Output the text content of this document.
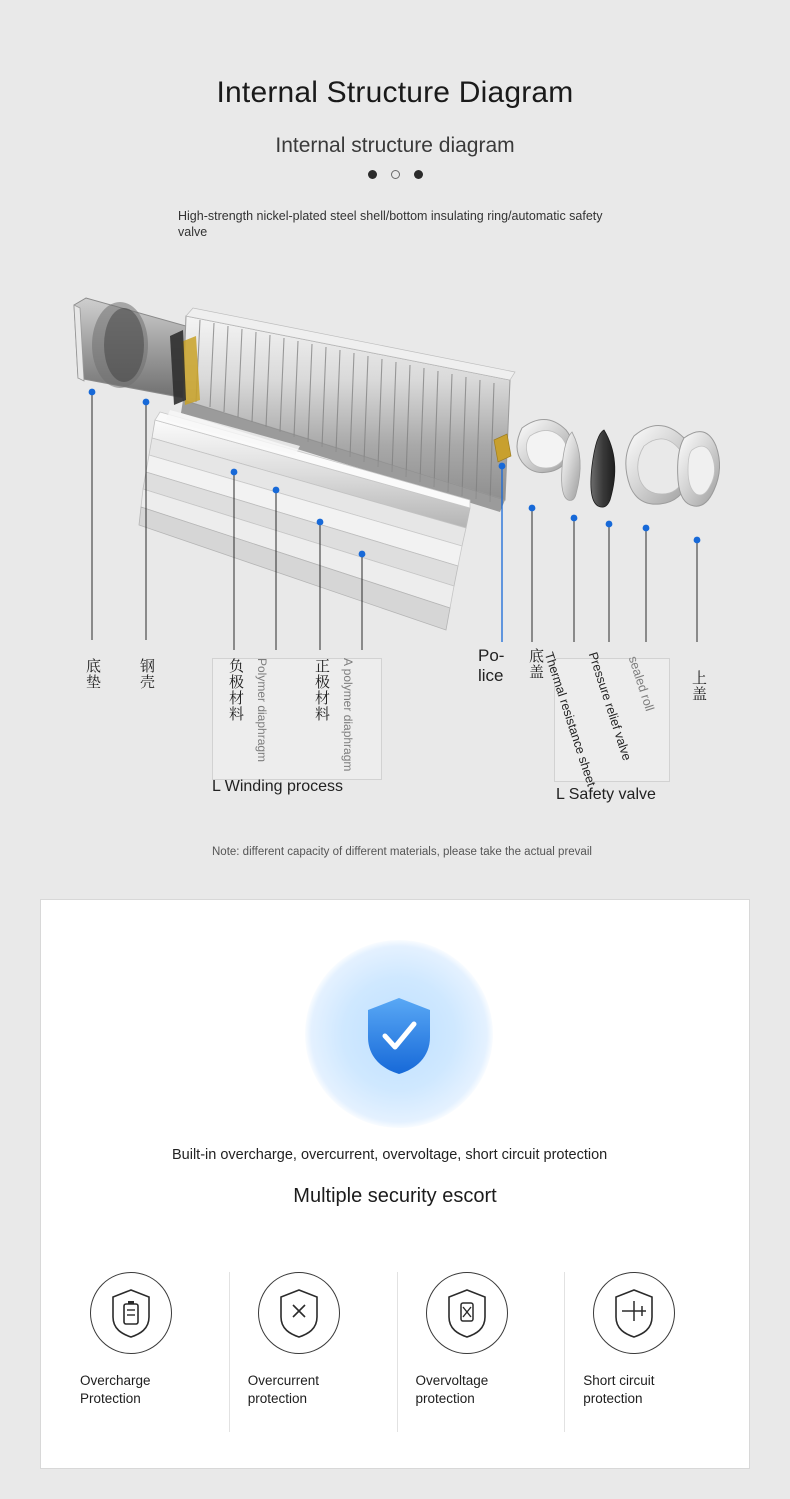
Internal Structure Diagram
Internal structure diagram
High-strength nickel-plated steel shell/bottom insulating ring/automatic safety valve
底垫 钢壳	负极材料 Polymer diaphragm	正极材料 A polymer diaphragm
Po-lice	底盖
Thermal resistance sheet
Pressure relief valve
sealed roll 上盖
L Winding process	L Safety valve
Note: different capacity of different materials, please take the actual prevail
Built-in overcharge, overcurrent, overvoltage, short circuit protection
Multiple security escort
Overcharge Protection
Overcurrent protection
Overvoltage protection
Short circuit protection
